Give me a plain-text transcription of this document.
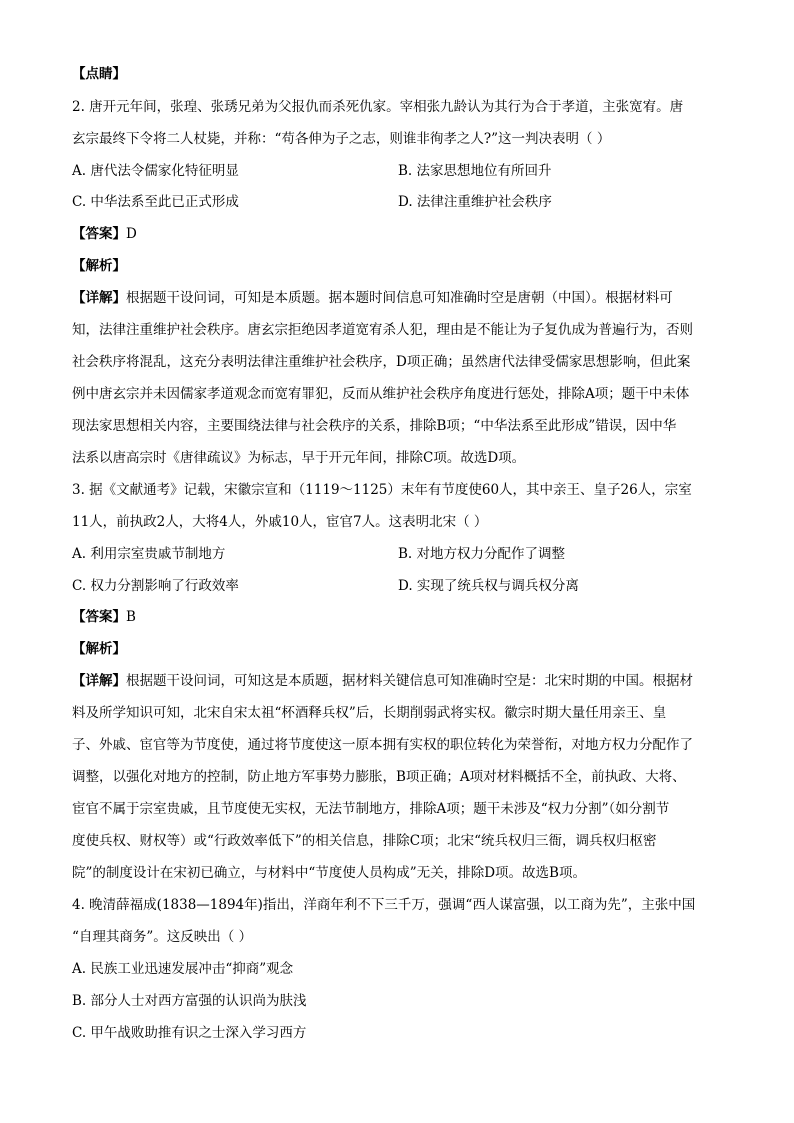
【点睛】
2. 唐开元年间，张瑝、张琇兄弟为父报仇而杀死仇家。宰相张九龄认为其行为合于孝道，主张宽宥。唐
玄宗最终下令将二人杖毙，并称：“苟各伸为子之志，则谁非徇孝之人?”这一判决表明（ ）
A. 唐代法令儒家化特征明显	B. 法家思想地位有所回升
C. 中华法系至此已正式形成	D. 法律注重维护社会秩序
【答案】D
【解析】
【详解】根据题干设问词，可知是本质题。据本题时间信息可知准确时空是唐朝（中国）。根据材料可
知，法律注重维护社会秩序。唐玄宗拒绝因孝道宽宥杀人犯，理由是不能让为子复仇成为普遍行为，否则
社会秩序将混乱，这充分表明法律注重维护社会秩序，D项正确；虽然唐代法律受儒家思想影响，但此案
例中唐玄宗并未因儒家孝道观念而宽宥罪犯，反而从维护社会秩序角度进行惩处，排除A项；题干中未体
现法家思想相关内容，主要围绕法律与社会秩序的关系，排除B项；“中华法系至此形成”错误，因中华
法系以唐高宗时《唐律疏议》为标志，早于开元年间，排除C项。故选D项。
3. 据《文献通考》记载，宋徽宗宣和（1119～1125）末年有节度使60人，其中亲王、皇子26人，宗室
11人，前执政2人，大将4人，外戚10人，宦官7人。这表明北宋（ ）
A. 利用宗室贵戚节制地方	B. 对地方权力分配作了调整
C. 权力分割影响了行政效率	D. 实现了统兵权与调兵权分离
【答案】B
【解析】
【详解】根据题干设问词，可知这是本质题，据材料关键信息可知准确时空是：北宋时期的中国。根据材
料及所学知识可知，北宋自宋太祖“杯酒释兵权”后，长期削弱武将实权。徽宗时期大量任用亲王、皇
子、外戚、宦官等为节度使，通过将节度使这一原本拥有实权的职位转化为荣誉衔，对地方权力分配作了
调整，以强化对地方的控制，防止地方军事势力膨胀，B项正确；A项对材料概括不全，前执政、大将、
宦官不属于宗室贵戚，且节度使无实权，无法节制地方，排除A项；题干未涉及“权力分割”（如分割节
度使兵权、财权等）或“行政效率低下”的相关信息，排除C项；北宋“统兵权归三衙，调兵权归枢密
院”的制度设计在宋初已确立，与材料中“节度使人员构成”无关，排除D项。故选B项。
4. 晚清薛福成(1838—1894年)指出，洋商年利不下三千万，强调“西人谋富强，以工商为先”，主张中国
“自理其商务”。这反映出（ ）
A. 民族工业迅速发展冲击“抑商”观念
B. 部分人士对西方富强的认识尚为肤浅
C. 甲午战败助推有识之士深入学习西方
